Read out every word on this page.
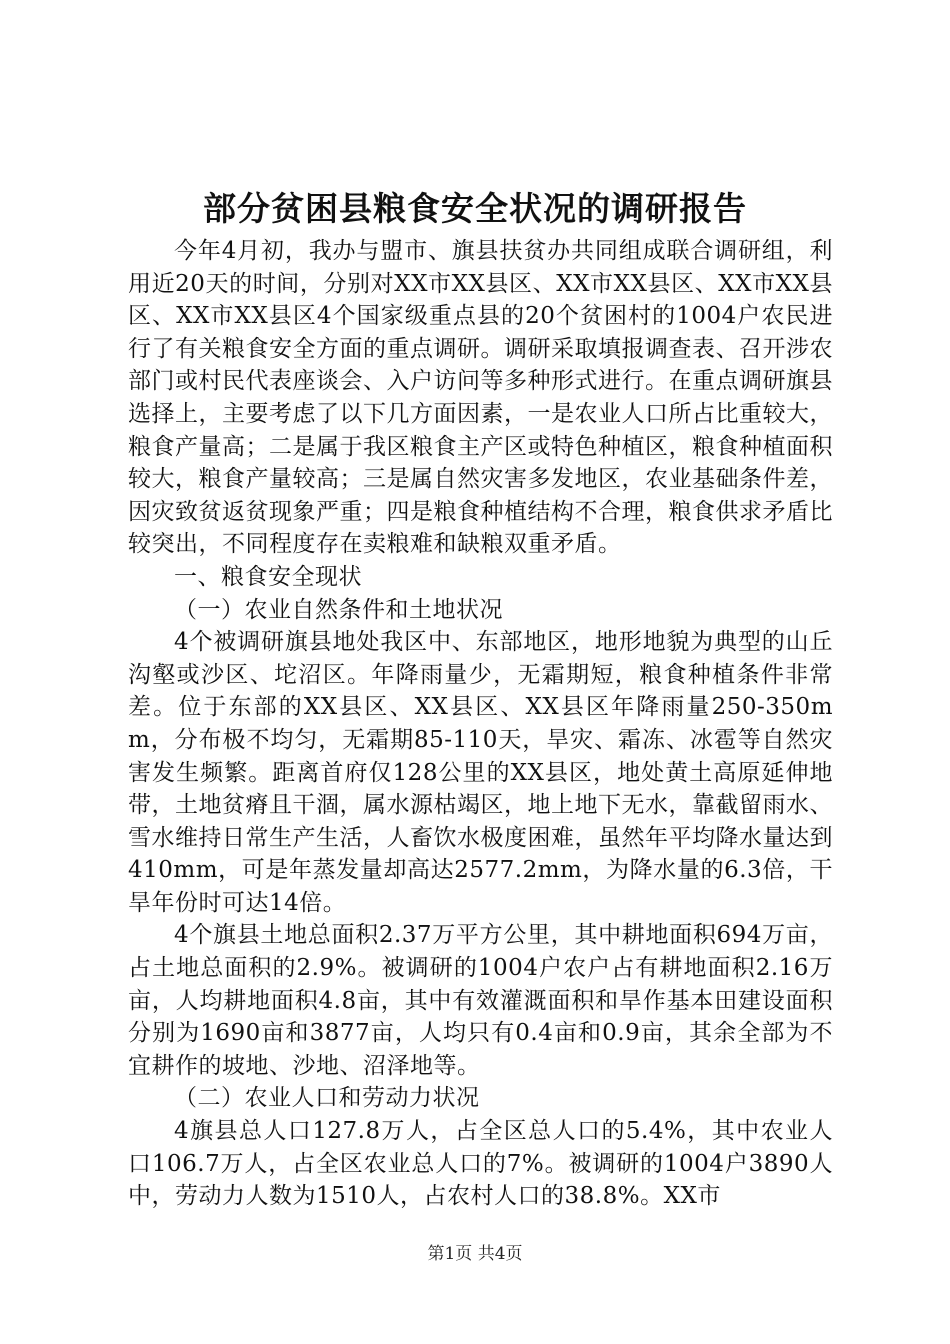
部分贫困县粮食安全状况的调研报告

今年4月初，我办与盟市、旗县扶贫办共同组成联合调研组，利用近20天的时间，分别对XX市XX县区、XX市XX县区、XX市XX县区、XX市XX县区4个国家级重点县的20个贫困村的1004户农民进行了有关粮食安全方面的重点调研。调研采取填报调查表、召开涉农部门或村民代表座谈会、入户访问等多种形式进行。在重点调研旗县选择上，主要考虑了以下几方面因素，一是农业人口所占比重较大，粮食产量高；二是属于我区粮食主产区或特色种植区，粮食种植面积较大，粮食产量较高；三是属自然灾害多发地区，农业基础条件差，因灾致贫返贫现象严重；四是粮食种植结构不合理，粮食供求矛盾比较突出，不同程度存在卖粮难和缺粮双重矛盾。

一、粮食安全现状

（一）农业自然条件和土地状况

4个被调研旗县地处我区中、东部地区，地形地貌为典型的山丘沟壑或沙区、坨沼区。年降雨量少，无霜期短，粮食种植条件非常差。位于东部的XX县区、XX县区、XX县区年降雨量250-350mm，分布极不均匀，无霜期85-110天，旱灾、霜冻、冰雹等自然灾害发生频繁。距离首府仅128公里的XX县区，地处黄土高原延伸地带，土地贫瘠且干涸，属水源枯竭区，地上地下无水，靠截留雨水、雪水维持日常生产生活，人畜饮水极度困难，虽然年平均降水量达到410mm，可是年蒸发量却高达2577.2mm，为降水量的6.3倍，干旱年份时可达14倍。

4个旗县土地总面积2.37万平方公里，其中耕地面积694万亩，占土地总面积的2.9%。被调研的1004户农户占有耕地面积2.16万亩，人均耕地面积4.8亩，其中有效灌溉面积和旱作基本田建设面积分别为1690亩和3877亩，人均只有0.4亩和0.9亩，其余全部为不宜耕作的坡地、沙地、沼泽地等。

（二）农业人口和劳动力状况

4旗县总人口127.8万人，占全区总人口的5.4%，其中农业人口106.7万人，占全区农业总人口的7%。被调研的1004户3890人中，劳动力人数为1510人，占农村人口的38.8%。XX市

第1页 共4页
